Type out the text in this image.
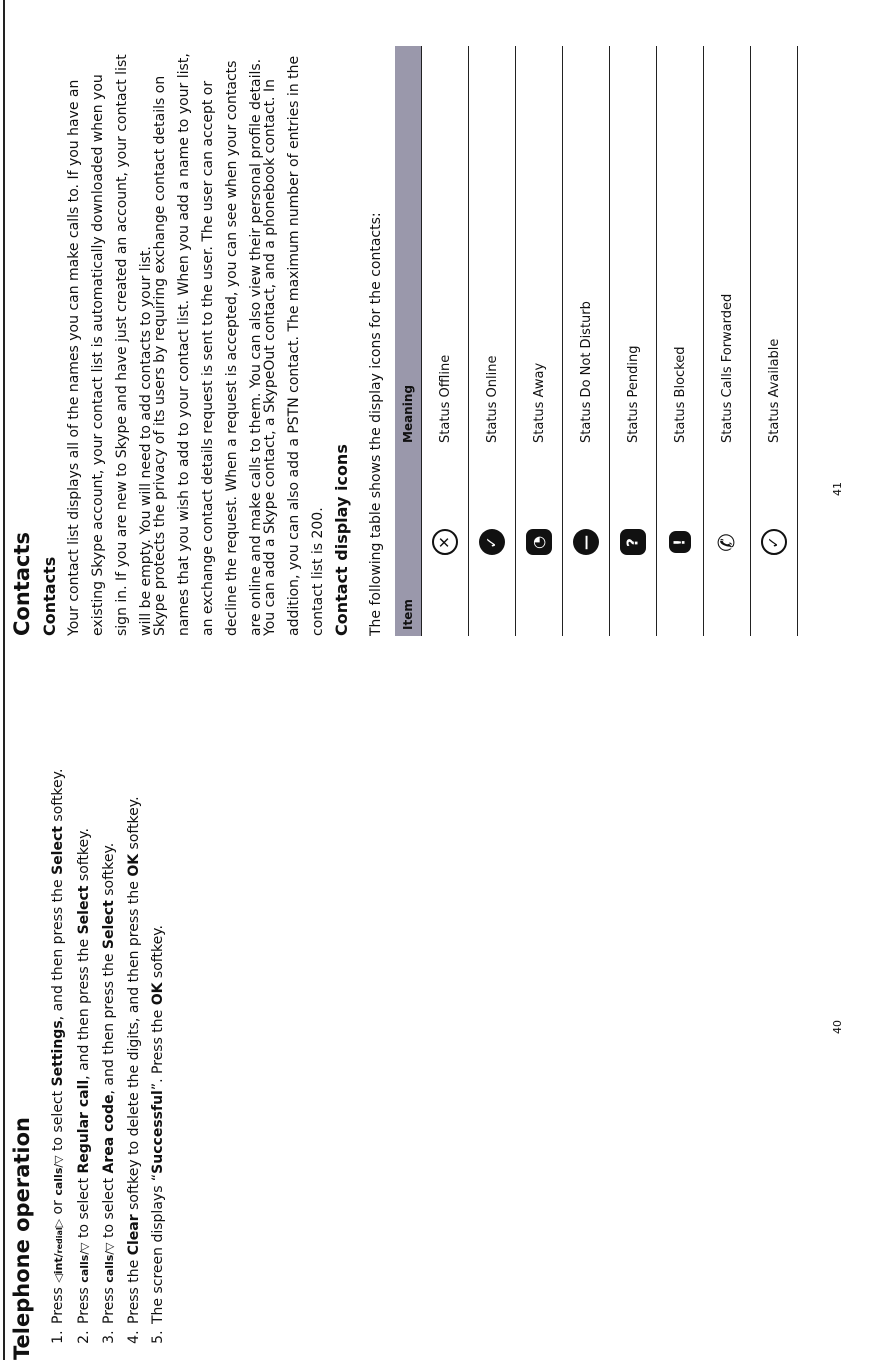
Telephone operation 1. Press ◁int/redial▷ or calls/▽ to select Settings, and then press the Select softkey.
2. Press calls/▽ to select Regular call, and then press the Select softkey.
3. Press calls/▽ to select Area code, and then press the Select softkey.
4. Press the Clear softkey to delete the digits, and then press the OK softkey.
5. The screen displays “Successful”. Press the OK softkey.
40
Contacts Contacts Your contact list displays all of the names you can make calls to. If you have an existing Skype account, your contact list is automatically downloaded when you sign in. If you are new to Skype and have just created an account, your contact list will be empty. You will need to add contacts to your list.

Skype protects the privacy of its users by requiring exchange contact details on names that you wish to add to your contact list. When you add a name to your list, an exchange contact details request is sent to the user. The user can accept or decline the request. When a request is accepted, you can see when your contacts are online and make calls to them. You can also view their personal profile details.

You can add a Skype contact, a SkypeOut contact, and a phonebook contact. In addition, you can also add a PSTN contact. The maximum number of entries in the contact list is 200. Contact display icons The following table shows the display icons for the contacts:	Item	Meaning

✕	Status Offline

✓	Status Online

◔	Status Away

—	Status Do Not Disturb

?	Status Pending

!	Status Blocked
✆	Status Calls Forwarded

✓	Status Available
41
